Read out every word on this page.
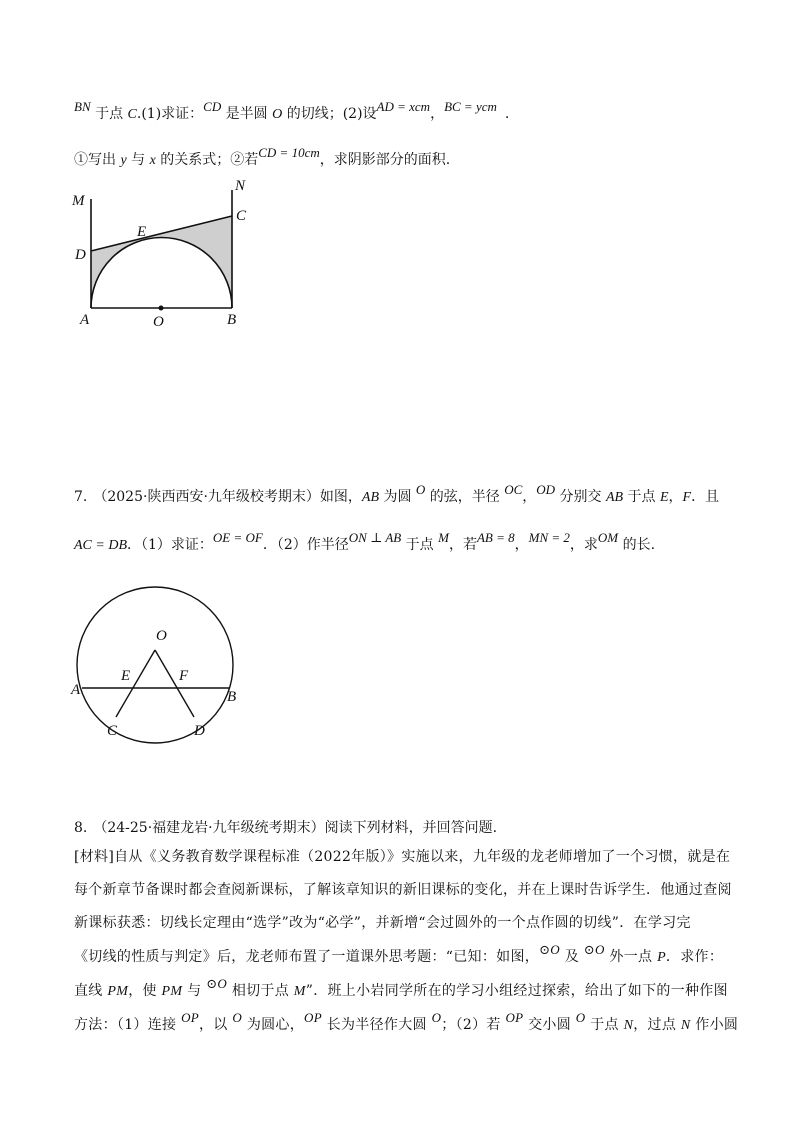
BN 于点 C.(1)求证：CD 是半圆 O 的切线；(2)设AD = xcm，BC = ycm .
①写出 y 与 x 的关系式；②若CD = 10cm，求阴影部分的面积.
M
N
C
E
D
A	O	B
7. （2025·陕西西安·九年级校考期末）如图，AB 为圆 O 的弦，半径 OC，OD 分别交 AB 于点 E，F．且
AC = DB．（1）求证：OE = OF．（2）作半径ON ⊥ AB 于点 M，若AB = 8，MN = 2，求OM 的长.
O
E	F
A	B
C	D
8. （24-25·福建龙岩·九年级统考期末）阅读下列材料，并回答问题.
[材料]自从《义务教育数学课程标准（2022年版）》实施以来，九年级的龙老师增加了一个习惯，就是在
每个新章节备课时都会查阅新课标，了解该章知识的新旧课标的变化，并在上课时告诉学生．他通过查阅
新课标获悉：切线长定理由“选学”改为“必学”，并新增“会过圆外的一个点作圆的切线”．在学习完
《切线的性质与判定》后，龙老师布置了一道课外思考题：“已知：如图，⊙O 及 ⊙O 外一点 P．求作：
直线 PM，使 PM 与 ⊙O 相切于点 M”．班上小岩同学所在的学习小组经过探索，给出了如下的一种作图
方法：（1）连接 OP，以 O 为圆心，OP 长为半径作大圆 O；（2）若 OP 交小圆 O 于点 N，过点 N 作小圆
